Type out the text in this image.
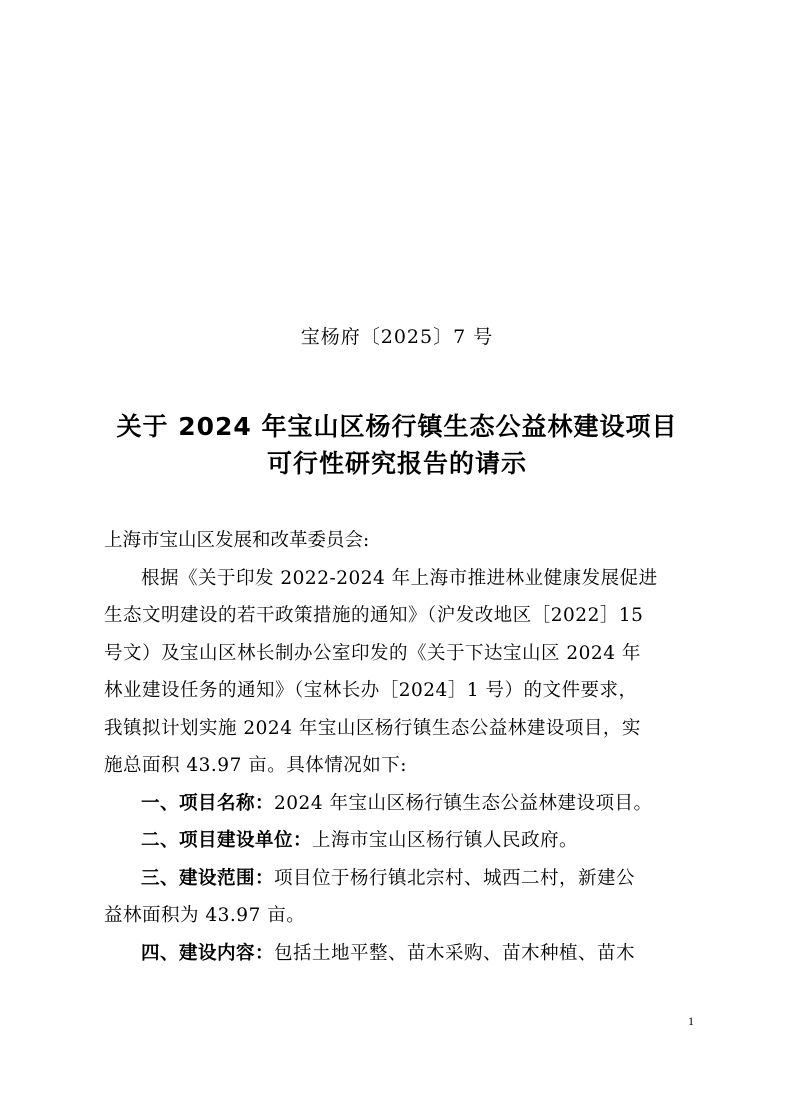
宝杨府〔2025〕7 号
关于 2024 年宝山区杨行镇生态公益林建设项目
可行性研究报告的请示
上海市宝山区发展和改革委员会:
根据《关于印发 2022-2024 年上海市推进林业健康发展促进
生态文明建设的若干政策措施的通知》（沪发改地区［2022］15
号文）及宝山区林长制办公室印发的《关于下达宝山区 2024 年
林业建设任务的通知》（宝林长办［2024］1 号）的文件要求，
我镇拟计划实施 2024 年宝山区杨行镇生态公益林建设项目，实
施总面积 43.97 亩。具体情况如下:
一、项目名称：2024 年宝山区杨行镇生态公益林建设项目。
二、项目建设单位：上海市宝山区杨行镇人民政府。
三、建设范围：项目位于杨行镇北宗村、城西二村，新建公
益林面积为 43.97 亩。
四、建设内容：包括土地平整、苗木采购、苗木种植、苗木
1
